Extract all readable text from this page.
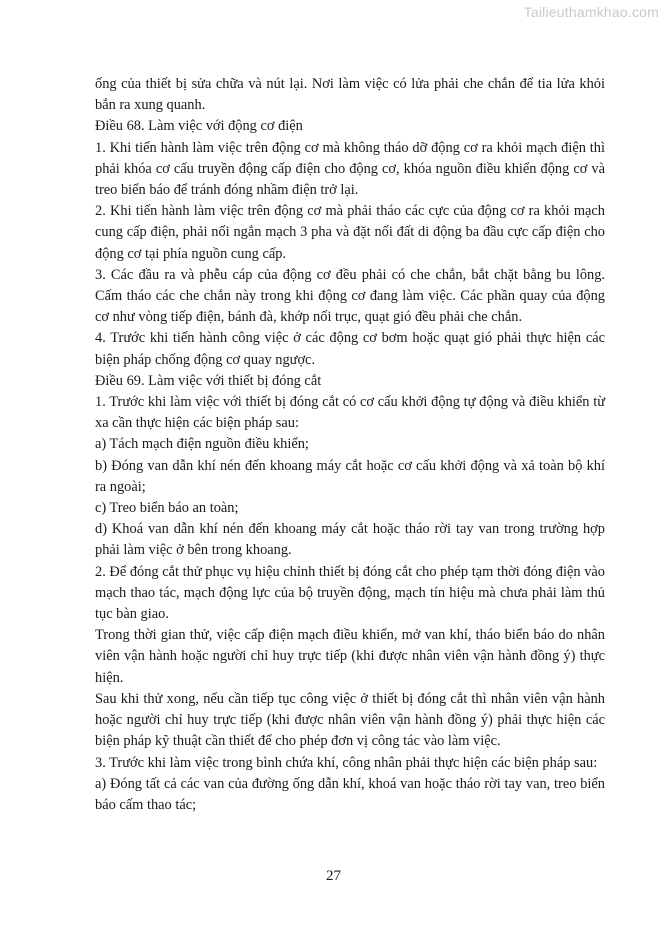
Tailieuthamkhao.com

ống của thiết bị sửa chữa và nút lại. Nơi làm việc có lửa phải che chắn để tia lửa khỏi bắn ra xung quanh.

Điều 68. Làm việc với động cơ điện

1. Khi tiến hành làm việc trên động cơ mà không tháo dỡ động cơ ra khỏi mạch điện thì phải khóa cơ cấu truyền động cấp điện cho động cơ, khóa nguồn điều khiển động cơ và treo biển báo để tránh đóng nhầm điện trở lại.

2. Khi tiến hành làm việc trên động cơ mà phải tháo các cực của động cơ ra khỏi mạch cung cấp điện, phải nối ngắn mạch 3 pha và đặt nối đất di động ba đầu cực cấp điện cho động cơ tại phía nguồn cung cấp.

3. Các đầu ra và phễu cáp của động cơ đều phải có che chắn, bắt chặt bằng bu lông. Cấm tháo các che chắn này trong khi động cơ đang làm việc. Các phần quay của động cơ như vòng tiếp điện, bánh đà, khớp nối trục, quạt gió đều phải che chắn.

4. Trước khi tiến hành công việc ở các động cơ bơm hoặc quạt gió phải thực hiện các biện pháp chống động cơ quay ngược.

Điều 69. Làm việc với thiết bị đóng cắt

1. Trước khi làm việc với thiết bị đóng cắt có cơ cấu khởi động tự động và điều khiển từ xa cần thực hiện các biện pháp sau:

a) Tách mạch điện nguồn điều khiển;

b) Đóng van dẫn khí nén đến khoang máy cắt hoặc cơ cấu khởi động và xả toàn bộ khí ra ngoài;

c) Treo biển báo an toàn;

d) Khoá van dẫn khí nén đến khoang máy cắt hoặc tháo rời tay van trong trường hợp phải làm việc ở bên trong khoang.

2. Để đóng cắt thử phục vụ hiệu chỉnh thiết bị đóng cắt cho phép tạm thời đóng điện vào mạch thao tác, mạch động lực của bộ truyền động, mạch tín hiệu mà chưa phải làm thủ tục bàn giao.

Trong thời gian thử, việc cấp điện mạch điều khiển, mở van khí, tháo biển báo do nhân viên vận hành hoặc người chỉ huy trực tiếp (khi được nhân viên vận hành đồng ý) thực hiện.

Sau khi thử xong, nếu cần tiếp tục công việc ở thiết bị đóng cắt thì nhân viên vận hành hoặc người chỉ huy trực tiếp (khi được nhân viên vận hành đồng ý) phải thực hiện các biện pháp kỹ thuật cần thiết để cho phép đơn vị công tác vào làm việc.

3. Trước khi làm việc trong bình chứa khí, công nhân phải thực hiện các biện pháp sau:

a) Đóng tất cả các van của đường ống dẫn khí, khoá van hoặc tháo rời tay van, treo biển báo cấm thao tác;

27
